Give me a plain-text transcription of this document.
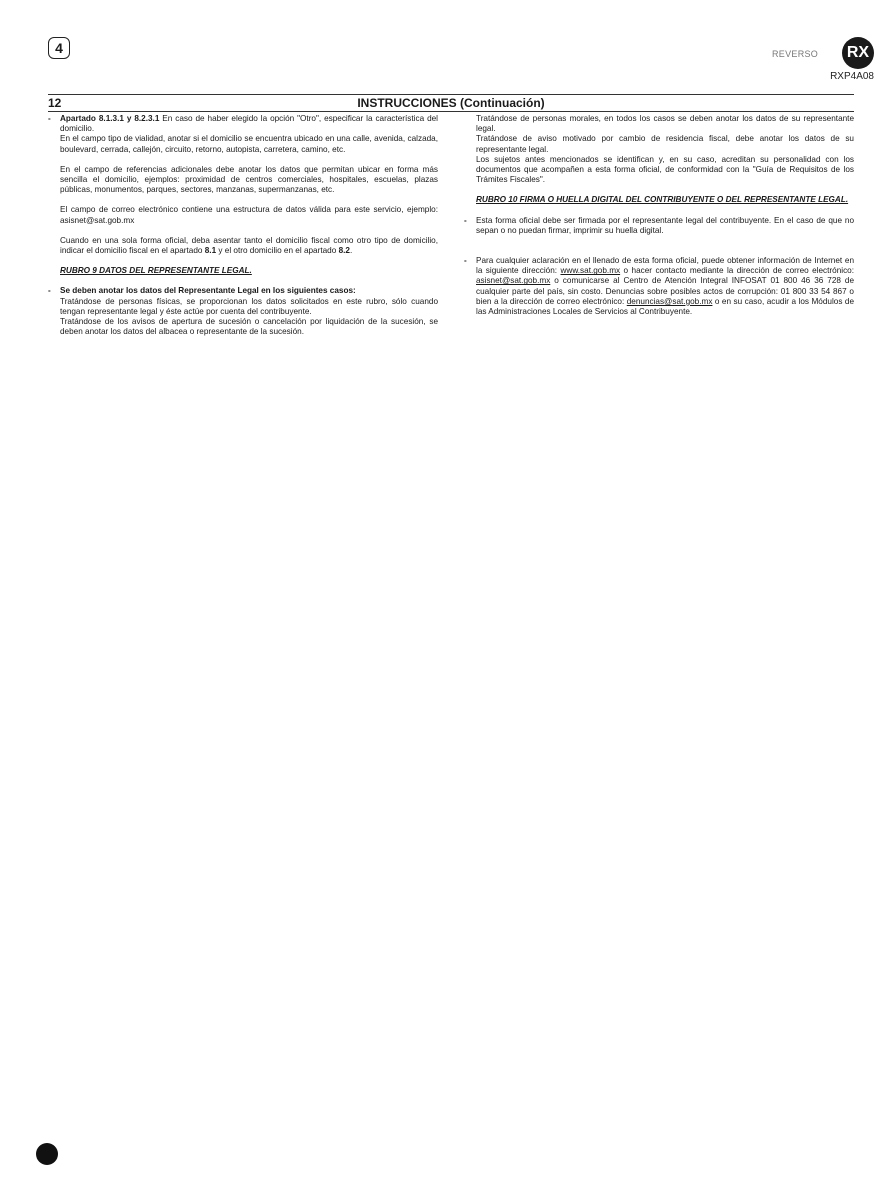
4	REVERSO	RX
RXP4A08
INSTRUCCIONES (Continuación)
12
- Apartado 8.1.3.1 y 8.2.3.1 En caso de haber elegido la opción "Otro", especificar la característica del domicilio.

En el campo tipo de vialidad, anotar si el domicilio se encuentra ubicado en una calle, avenida, calzada, boulevard, cerrada, callejón, circuito, retorno, autopista, carretera, camino, etc.

En el campo de referencias adicionales debe anotar los datos que permitan ubicar en forma más sencilla el domicilio, ejemplos: proximidad de centros comerciales, hospitales, escuelas, plazas públicas, monumentos, parques, sectores, manzanas, supermanzanas, etc.

El campo de correo electrónico contiene una estructura de datos válida para este servicio, ejemplo: asisnet@sat.gob.mx

Cuando en una sola forma oficial, deba asentar tanto el domicilio fiscal como otro tipo de domicilio, indicar el domicilio fiscal en el apartado 8.1 y el otro domicilio en el apartado 8.2.

RUBRO 9 DATOS DEL REPRESENTANTE LEGAL.

- Se deben anotar los datos del Representante Legal en los siguientes casos:

Tratándose de personas físicas, se proporcionan los datos solicitados en este rubro, sólo cuando tengan representante legal y éste actúe por cuenta del contribuyente.

Tratándose de los avisos de apertura de sucesión o cancelación por liquidación de la sucesión, se deben anotar los datos del albacea o representante de la sucesión.

Tratándose de personas morales, en todos los casos se deben anotar los datos de su representante legal.

Tratándose de aviso motivado por cambio de residencia fiscal, debe anotar los datos de su representante legal.

Los sujetos antes mencionados se identifican y, en su caso, acreditan su personalidad con los documentos que acompañen a esta forma oficial, de conformidad con la "Guía de Requisitos de los Trámites Fiscales".

RUBRO 10 FIRMA O HUELLA DIGITAL DEL CONTRIBUYENTE O DEL REPRESENTANTE LEGAL.

- Esta forma oficial debe ser firmada por el representante legal del contribuyente. En el caso de que no sepan o no puedan firmar, imprimir su huella digital.

- Para cualquier aclaración en el llenado de esta forma oficial, puede obtener información de Internet en la siguiente dirección: www.sat.gob.mx o hacer contacto mediante la dirección de correo electrónico: asisnet@sat.gob.mx o comunicarse al Centro de Atención Integral INFOSAT 01 800 46 36 728 de cualquier parte del país, sin costo. Denuncias sobre posibles actos de corrupción: 01 800 33 54 867 o bien a la dirección de correo electrónico: denuncias@sat.gob.mx o en su caso, acudir a los Módulos de las Administraciones Locales de Servicios al Contribuyente.
